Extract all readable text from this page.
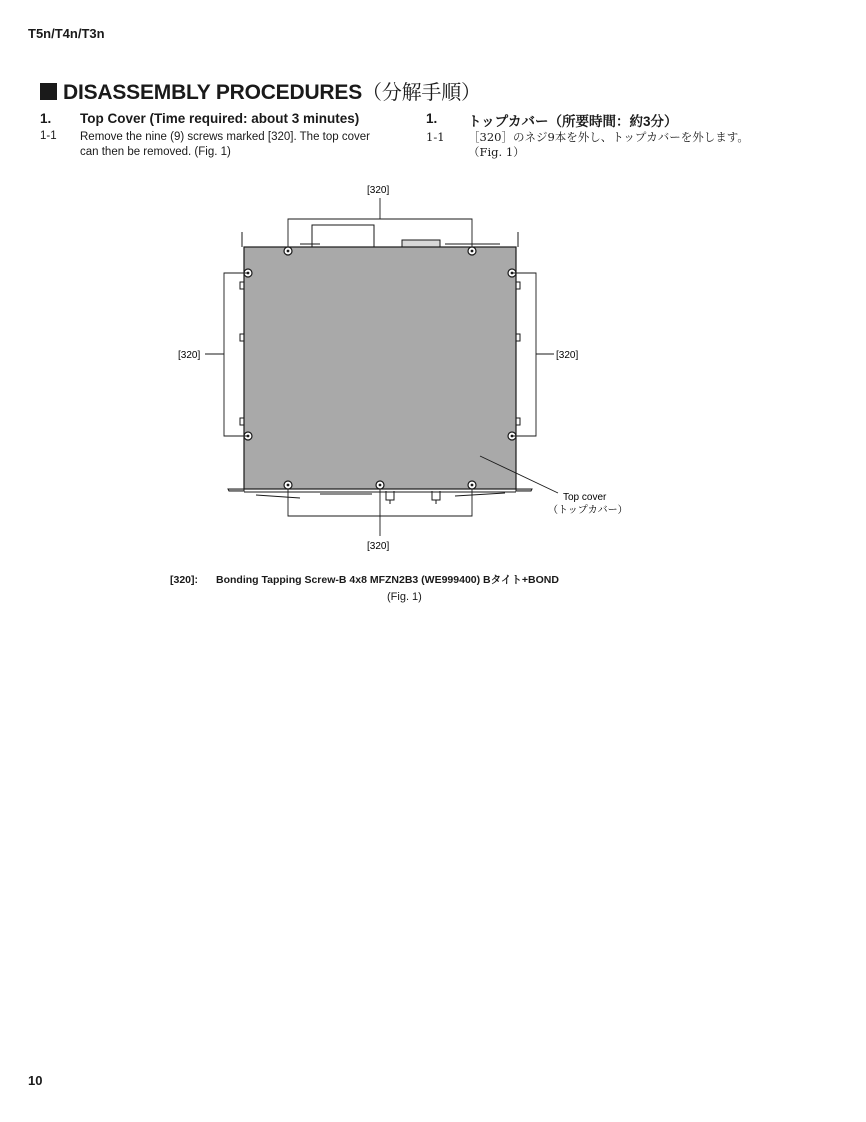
T5n/T4n/T3n
DISASSEMBLY PROCEDURES（分解手順）
1. Top Cover (Time required: about 3 minutes)
1-1 Remove the nine (9) screws marked [320]. The top cover
can then be removed. (Fig. 1)
1. トップカバー（所要時間：約3分）
1-1 ［320］のネジ9本を外し、トップカバーを外します。
（Fig. 1）
[320]
[320]	[320]
[320]
Top cover
（トップカバー）
[320]: Bonding Tapping Screw-B 4x8 MFZN2B3 (WE999400) Bタイト+BOND
(Fig. 1)
10
